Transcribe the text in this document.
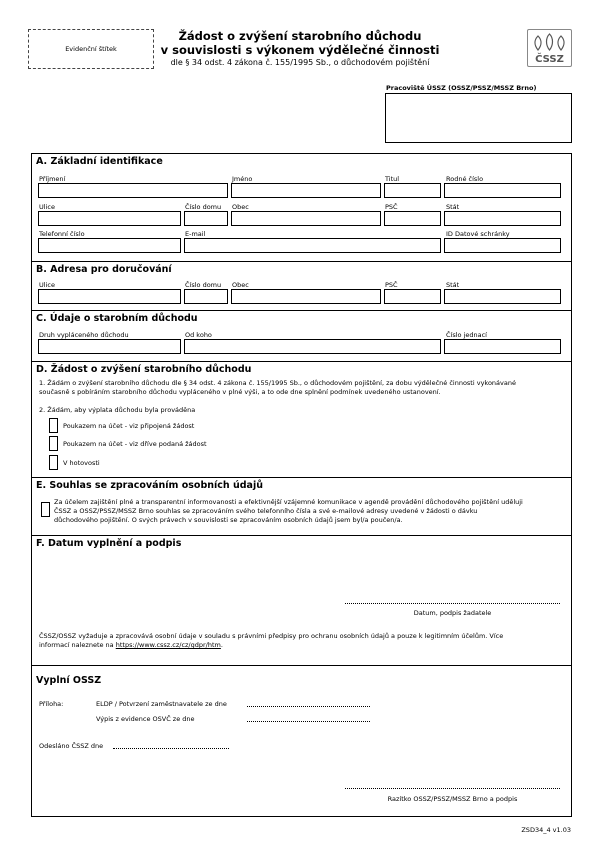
Evidenční štítek
Žádost o zvýšení starobního důchodu
v souvislosti s výkonem výdělečné činnosti
dle § 34 odst. 4 zákona č. 155/1995 Sb., o důchodovém pojištění	ČSSZ
Pracoviště ÚSSZ (OSSZ/PSSZ/MSSZ Brno)
A. Základní identifikace
Příjmení	Jméno	Titul	Rodné číslo
Ulice	Číslo domu Obec	PSČ	Stát
Telefonní číslo	E-mail	ID Datové schránky
B. Adresa pro doručování
Ulice	Číslo domu Obec	PSČ	Stát
C. Údaje o starobním důchodu
Druh vypláceného důchodu	Od koho	Číslo jednací
D. Žádost o zvýšení starobního důchodu
1. Žádám o zvýšení starobního důchodu dle § 34 odst. 4 zákona č. 155/1995 Sb., o důchodovém pojištění, za dobu výdělečné činnosti vykonávané
současně s pobíráním starobního důchodu vypláceného v plné výši, a to ode dne splnění podmínek uvedeného ustanovení.
2. Žádám, aby výplata důchodu byla prováděna
Poukazem na účet - viz připojená žádost
Poukazem na účet - viz dříve podaná žádost
V hotovosti
E. Souhlas se zpracováním osobních údajů
Za účelem zajištění plné a transparentní informovanosti a efektivnější vzájemné komunikace v agendě provádění důchodového pojištění uděluji
ČSSZ a OSSZ/PSSZ/MSSZ Brno souhlas se zpracováním svého telefonního čísla a své e-mailové adresy uvedené v žádosti o dávku
důchodového pojištění. O svých právech v souvislosti se zpracováním osobních údajů jsem byl/a poučen/a.
F. Datum vyplnění a podpis
Datum, podpis žadatele
ČSSZ/OSSZ vyžaduje a zpracovává osobní údaje v souladu s právními předpisy pro ochranu osobních údajů a pouze k legitimním účelům. Více
informací naleznete na https://www.cssz.cz/cz/gdpr/htm.
Vyplní OSSZ
Příloha:	ELDP / Potvrzení zaměstnavatele ze dne
Výpis z evidence OSVČ ze dne
Odesláno ČSSZ dne
Razítko OSSZ/PSSZ/MSSZ Brno a podpis
ZSD34_4 v1.03
